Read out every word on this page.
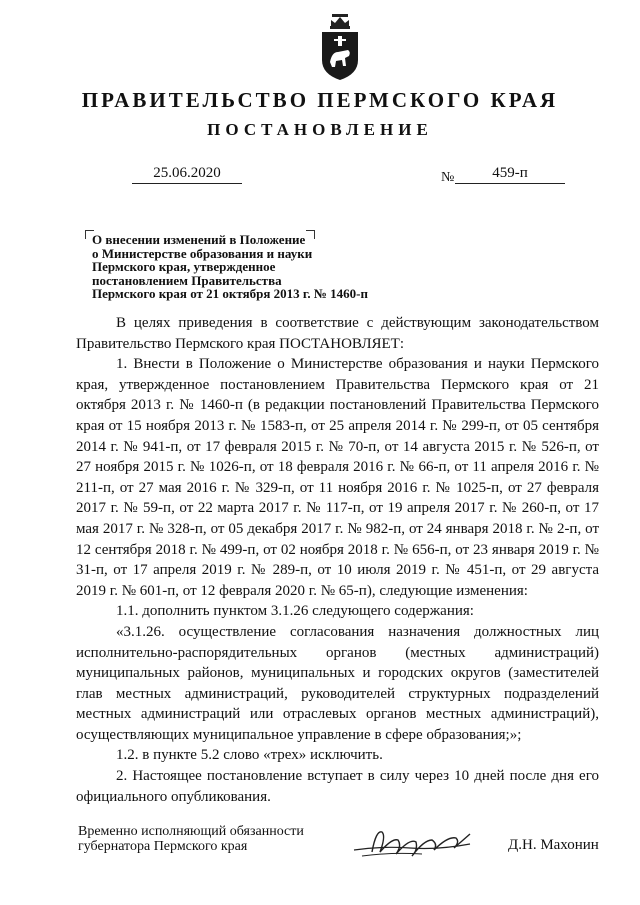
ПРАВИТЕЛЬСТВО ПЕРМСКОГО КРАЯ
ПОСТАНОВЛЕНИЕ
25.06.2020	№	459-п
О внесении изменений в Положение
о Министерстве образования и науки
Пермского края, утвержденное
постановлением Правительства
Пермского края от 21 октября 2013 г. № 1460-п

В целях приведения в соответствие с действующим законодательством Правительство Пермского края ПОСТАНОВЛЯЕТ:

1. Внести в Положение о Министерстве образования и науки Пермского края, утвержденное постановлением Правительства Пермского края от 21 октября 2013 г. № 1460-п (в редакции постановлений Правительства Пермского края от 15 ноября 2013 г. № 1583-п, от 25 апреля 2014 г. № 299-п, от 05 сентября 2014 г. № 941-п, от 17 февраля 2015 г. № 70-п, от 14 августа 2015 г. № 526-п, от 27 ноября 2015 г. № 1026-п, от 18 февраля 2016 г. № 66-п, от 11 апреля 2016 г. № 211-п, от 27 мая 2016 г. № 329-п, от 11 ноября 2016 г. № 1025-п, от 27 февраля 2017 г. № 59-п, от 22 марта 2017 г. № 117-п, от 19 апреля 2017 г. № 260-п, от 17 мая 2017 г. № 328-п, от 05 декабря 2017 г. № 982-п, от 24 января 2018 г. № 2-п, от 12 сентября 2018 г. № 499-п, от 02 ноября 2018 г. № 656-п, от 23 января 2019 г. № 31-п, от 17 апреля 2019 г. № 289-п, от 10 июля 2019 г. № 451-п, от 29 августа 2019 г. № 601-п, от 12 февраля 2020 г. № 65-п), следующие изменения:

1.1. дополнить пунктом 3.1.26 следующего содержания:

«3.1.26. осуществление согласования назначения должностных лиц исполнительно-распорядительных органов (местных администраций) муниципальных районов, муниципальных и городских округов (заместителей глав местных администраций, руководителей структурных подразделений местных администраций или отраслевых органов местных администраций), осуществляющих муниципальное управление в сфере образования;»;

1.2. в пункте 5.2 слово «трех» исключить.

2. Настоящее постановление вступает в силу через 10 дней после дня его официального опубликования.

Временно исполняющий обязанности
губернатора Пермского края	Д.Н. Махонин
